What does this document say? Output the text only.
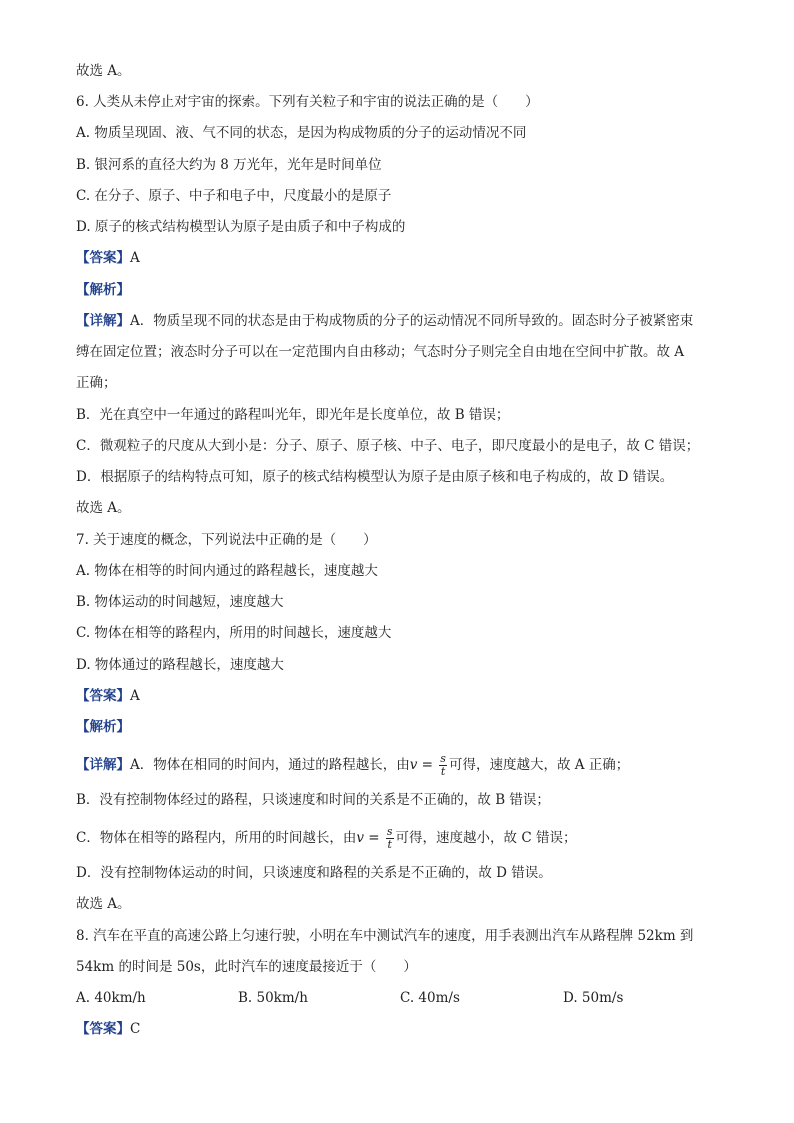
故选 A。
6. 人类从未停止对宇宙的探索。下列有关粒子和宇宙的说法正确的是（　　）
A. 物质呈现固、液、气不同的状态，是因为构成物质的分子的运动情况不同
B. 银河系的直径大约为 8 万光年，光年是时间单位
C. 在分子、原子、中子和电子中，尺度最小的是原子
D. 原子的核式结构模型认为原子是由质子和中子构成的
【答案】A
【解析】
【详解】A．物质呈现不同的状态是由于构成物质的分子的运动情况不同所导致的。固态时分子被紧密束
缚在固定位置；液态时分子可以在一定范围内自由移动；气态时分子则完全自由地在空间中扩散。故 A
正确；
B．光在真空中一年通过的路程叫光年，即光年是长度单位，故 B 错误；
C．微观粒子的尺度从大到小是：分子、原子、原子核、中子、电子，即尺度最小的是电子，故 C 错误；
D．根据原子的结构特点可知，原子的核式结构模型认为原子是由原子核和电子构成的，故 D 错误。
故选 A。
7. 关于速度的概念，下列说法中正确的是（　　）
A. 物体在相等的时间内通过的路程越长，速度越大
B. 物体运动的时间越短，速度越大
C. 物体在相等的路程内，所用的时间越长，速度越大
D. 物体通过的路程越长，速度越大
【答案】A
【解析】
【详解】A．物体在相同的时间内，通过的路程越长，由$v = \frac{s}{t}$ 可得，速度越大，故 A 正确；
B．没有控制物体经过的路程，只谈速度和时间的关系是不正确的，故 B 错误；
C．物体在相等的路程内，所用的时间越长，由$v = \frac{s}{t}$ 可得，速度越小，故 C 错误；
D．没有控制物体运动的时间，只谈速度和路程的关系是不正确的，故 D 错误。
故选 A。
8. 汽车在平直的高速公路上匀速行驶，小明在车中测试汽车的速度，用手表测出汽车从路程牌 52km 到
54km 的时间是 50s，此时汽车的速度最接近于（　　）
A. 40km/h	B. 50km/h	C. 40m/s	D. 50m/s
【答案】C
